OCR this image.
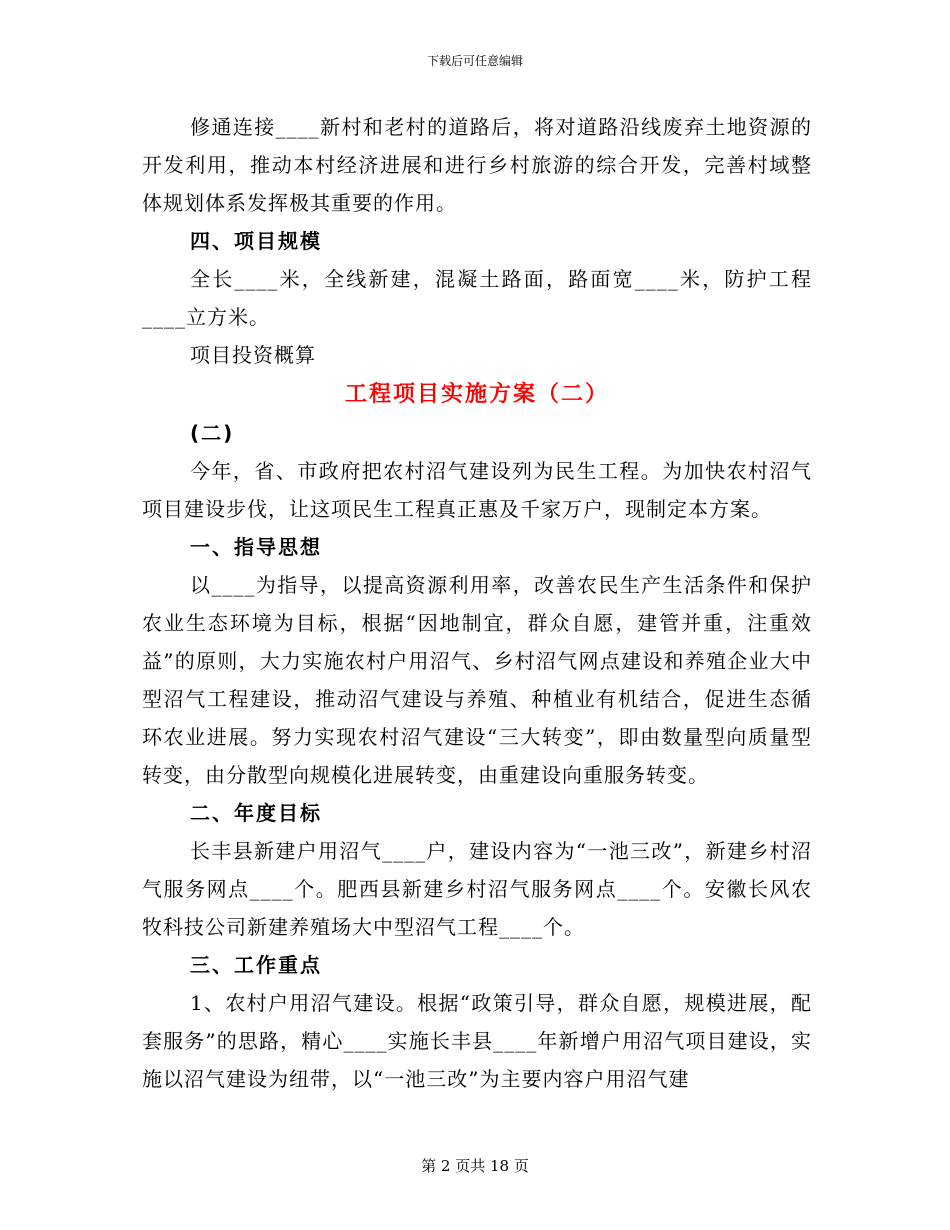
下载后可任意编辑

修通连接____新村和老村的道路后，将对道路沿线废弃土地资源的开发利用，推动本村经济进展和进行乡村旅游的综合开发，完善村域整体规划体系发挥极其重要的作用。

四、项目规模

全长____米，全线新建，混凝土路面，路面宽____米，防护工程____立方米。

项目投资概算

工程项目实施方案（二）

(二)

今年，省、市政府把农村沼气建设列为民生工程。为加快农村沼气项目建设步伐，让这项民生工程真正惠及千家万户，现制定本方案。

一、指导思想

以____为指导，以提高资源利用率，改善农民生产生活条件和保护农业生态环境为目标，根据“因地制宜，群众自愿，建管并重，注重效益”的原则，大力实施农村户用沼气、乡村沼气网点建设和养殖企业大中型沼气工程建设，推动沼气建设与养殖、种植业有机结合，促进生态循环农业进展。努力实现农村沼气建设“三大转变”，即由数量型向质量型转变，由分散型向规模化进展转变，由重建设向重服务转变。

二、年度目标

长丰县新建户用沼气____户，建设内容为“一池三改”，新建乡村沼气服务网点____个。肥西县新建乡村沼气服务网点____个。安徽长风农牧科技公司新建养殖场大中型沼气工程____个。

三、工作重点

1、农村户用沼气建设。根据“政策引导，群众自愿，规模进展，配套服务”的思路，精心____实施长丰县____年新增户用沼气项目建设，实施以沼气建设为纽带，以“一池三改”为主要内容户用沼气建

第 2 页共 18 页
